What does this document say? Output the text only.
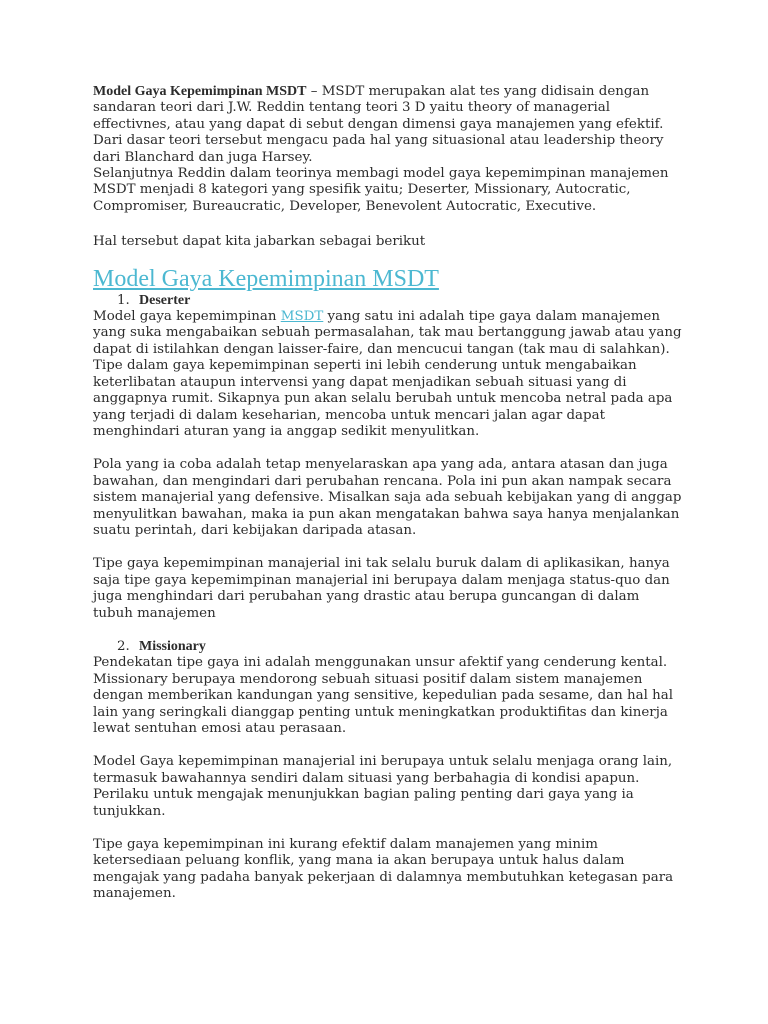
Model Gaya Kepemimpinan MSDT – MSDT merupakan alat tes yang didisain dengan sandaran teori dari J.W. Reddin tentang teori 3 D yaitu theory of managerial effectivnes, atau yang dapat di sebut dengan dimensi gaya manajemen yang efektif. Dari dasar teori tersebut mengacu pada hal yang situasional atau leadership theory dari Blanchard dan juga Harsey.

Selanjutnya Reddin dalam teorinya membagi model gaya kepemimpinan manajemen MSDT menjadi 8 kategori yang spesifik yaitu; Deserter, Missionary, Autocratic, Compromiser, Bureaucratic, Developer, Benevolent Autocratic, Executive.

Hal tersebut dapat kita jabarkan sebagai berikut

Model Gaya Kepemimpinan MSDT
1. Deserter

Model gaya kepemimpinan MSDT yang satu ini adalah tipe gaya dalam manajemen yang suka mengabaikan sebuah permasalahan, tak mau bertanggung jawab atau yang dapat di istilahkan dengan laisser-faire, dan mencucui tangan (tak mau di salahkan). Tipe dalam gaya kepemimpinan seperti ini lebih cenderung untuk mengabaikan keterlibatan ataupun intervensi yang dapat menjadikan sebuah situasi yang di anggapnya rumit. Sikapnya pun akan selalu berubah untuk mencoba netral pada apa yang terjadi di dalam keseharian, mencoba untuk mencari jalan agar dapat menghindari aturan yang ia anggap sedikit menyulitkan.

Pola yang ia coba adalah tetap menyelaraskan apa yang ada, antara atasan dan juga bawahan, dan mengindari dari perubahan rencana. Pola ini pun akan nampak secara sistem manajerial yang defensive. Misalkan saja ada sebuah kebijakan yang di anggap menyulitkan bawahan, maka ia pun akan mengatakan bahwa saya hanya menjalankan suatu perintah, dari kebijakan daripada atasan.

Tipe gaya kepemimpinan manajerial ini tak selalu buruk dalam di aplikasikan, hanya saja tipe gaya kepemimpinan manajerial ini berupaya dalam menjaga status-quo dan juga menghindari dari perubahan yang drastic atau berupa guncangan di dalam tubuh manajemen

2. Missionary

Pendekatan tipe gaya ini adalah menggunakan unsur afektif yang cenderung kental. Missionary berupaya mendorong sebuah situasi positif dalam sistem manajemen dengan memberikan kandungan yang sensitive, kepedulian pada sesame, dan hal hal lain yang seringkali dianggap penting untuk meningkatkan produktifitas dan kinerja lewat sentuhan emosi atau perasaan.

Model Gaya kepemimpinan manajerial ini berupaya untuk selalu menjaga orang lain, termasuk bawahannya sendiri dalam situasi yang berbahagia di kondisi apapun. Perilaku untuk mengajak menunjukkan bagian paling penting dari gaya yang ia tunjukkan.

Tipe gaya kepemimpinan ini kurang efektif dalam manajemen yang minim ketersediaan peluang konflik, yang mana ia akan berupaya untuk halus dalam mengajak yang padaha banyak pekerjaan di dalamnya membutuhkan ketegasan para manajemen.
